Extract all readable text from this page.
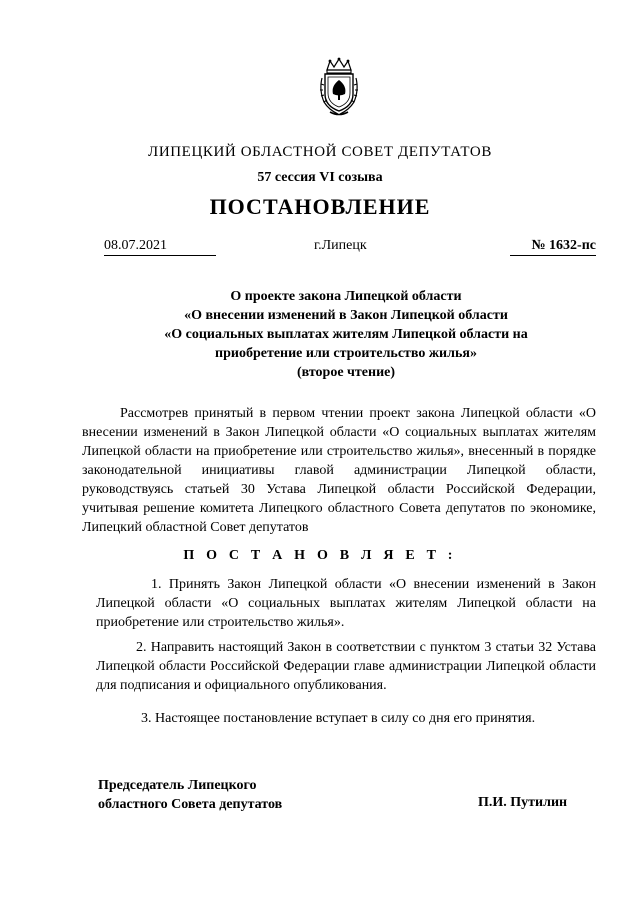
ЛИПЕЦКИЙ ОБЛАСТНОЙ СОВЕТ ДЕПУТАТОВ
57 сессия VI созыва
ПОСТАНОВЛЕНИЕ
08.07.2021	г.Липецк	№ 1632-пс
О проекте закона Липецкой области
«О внесении изменений в Закон Липецкой области
«О социальных выплатах жителям Липецкой области на
приобретение или строительство жилья»
(второе чтение)
Рассмотрев принятый в первом чтении проект закона Липецкой области «О внесении изменений в Закон Липецкой области «О социальных выплатах жителям Липецкой области на приобретение или строительство жилья», внесенный в порядке законодательной инициативы главой администрации Липецкой области, руководствуясь статьей 30 Устава Липецкой области Российской Федерации, учитывая решение комитета Липецкого областного Совета депутатов по экономике, Липецкий областной Совет депутатов
П О С Т А Н О В Л Я Е Т :
1. Принять Закон Липецкой области «О внесении изменений в Закон Липецкой области «О социальных выплатах жителям Липецкой области на приобретение или строительство жилья».
2. Направить настоящий Закон в соответствии с пунктом 3 статьи 32 Устава Липецкой области Российской Федерации главе администрации Липецкой области для подписания и официального опубликования.
3. Настоящее постановление вступает в силу со дня его принятия.
Председатель Липецкого
областного Совета депутатов	П.И. Путилин
